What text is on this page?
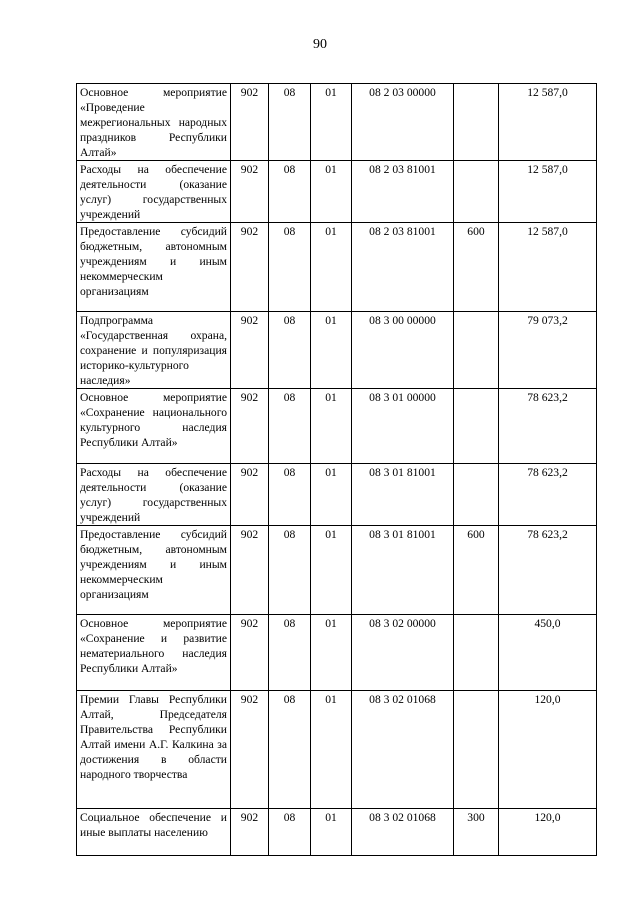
90
Основное мероприятие «Проведение межрегиональных народных праздников Республики Алтай»	902	08	01	08 2 03 00000		12 587,0
Расходы на обеспечение деятельности (оказание услуг) государственных учреждений	902	08	01	08 2 03 81001		12 587,0
Предоставление субсидий бюджетным, автономным учреждениям и иным некоммерческим организациям	902	08	01	08 2 03 81001	600	12 587,0
Подпрограмма «Государственная охрана, сохранение и популяризация историко-культурного наследия»	902	08	01	08 3 00 00000		79 073,2
Основное мероприятие «Сохранение национального культурного наследия Республики Алтай»	902	08	01	08 3 01 00000		78 623,2
Расходы на обеспечение деятельности (оказание услуг) государственных учреждений	902	08	01	08 3 01 81001		78 623,2
Предоставление субсидий бюджетным, автономным учреждениям и иным некоммерческим организациям	902	08	01	08 3 01 81001	600	78 623,2
Основное мероприятие «Сохранение и развитие нематериального наследия Республики Алтай»	902	08	01	08 3 02 00000		450,0
Премии Главы Республики Алтай, Председателя Правительства Республики Алтай имени А.Г. Калкина за достижения в области народного творчества	902	08	01	08 3 02 01068		120,0
Социальное обеспечение и иные выплаты населению	902	08	01	08 3 02 01068	300	120,0
